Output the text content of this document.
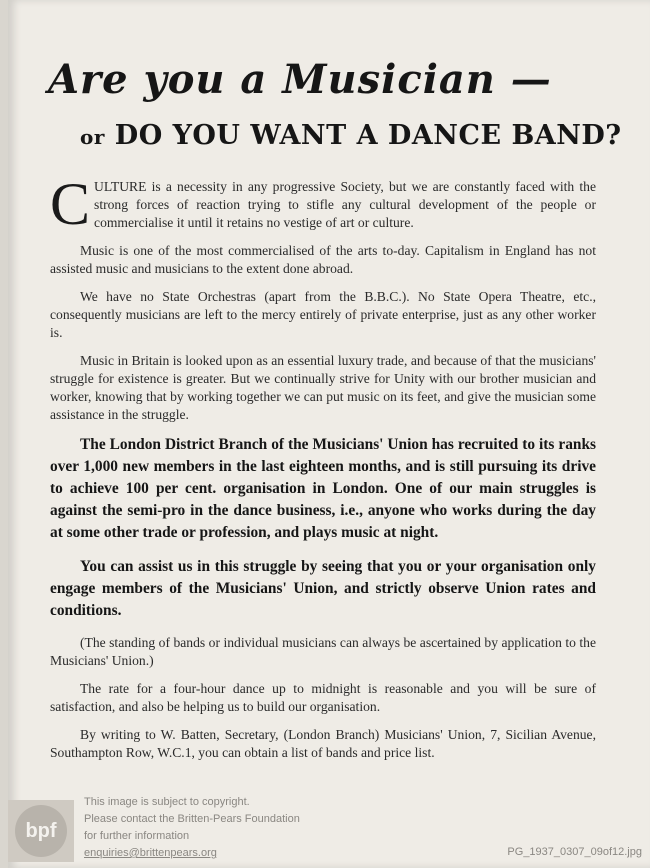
Are you a Musician —
or DO YOU WANT A DANCE BAND?

CULTURE is a necessity in any progressive Society, but we are constantly faced with the strong forces of reaction trying to stifle any cultural development of the people or commercialise it until it retains no vestige of art or culture.

Music is one of the most commercialised of the arts to-day. Capitalism in England has not assisted music and musicians to the extent done abroad.

We have no State Orchestras (apart from the B.B.C.). No State Opera Theatre, etc., consequently musicians are left to the mercy entirely of private enterprise, just as any other worker is.

Music in Britain is looked upon as an essential luxury trade, and because of that the musicians' struggle for existence is greater. But we continually strive for Unity with our brother musician and worker, knowing that by working together we can put music on its feet, and give the musician some assistance in the struggle.

The London District Branch of the Musicians' Union has recruited to its ranks over 1,000 new members in the last eighteen months, and is still pursuing its drive to achieve 100 per cent. organisation in London. One of our main struggles is against the semi-pro in the dance business, i.e., anyone who works during the day at some other trade or profession, and plays music at night.

You can assist us in this struggle by seeing that you or your organisation only engage members of the Musicians' Union, and strictly observe Union rates and conditions.

(The standing of bands or individual musicians can always be ascertained by application to the Musicians' Union.)

The rate for a four-hour dance up to midnight is reasonable and you will be sure of satisfaction, and also be helping us to build our organisation.

By writing to W. Batten, Secretary, (London Branch) Musicians' Union, 7, Sicilian Avenue, Southampton Row, W.C.1, you can obtain a list of bands and price list.

bpf
This image is subject to copyright.
Please contact the Britten-Pears Foundation
for further information
enquiries@brittenpears.org	PG_1937_0307_09of12.jpg
